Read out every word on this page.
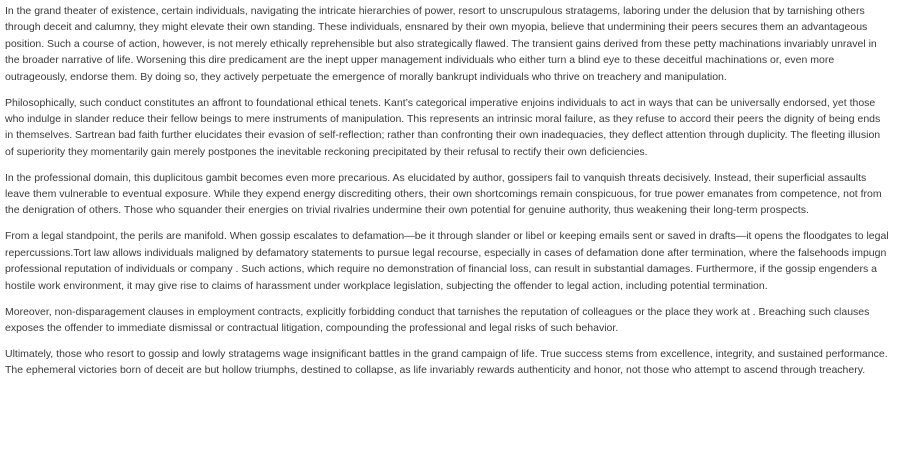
In the grand theater of existence, certain individuals, navigating the intricate hierarchies of power, resort to unscrupulous stratagems, laboring under the delusion that by tarnishing others through deceit and calumny, they might elevate their own standing. These individuals, ensnared by their own myopia, believe that undermining their peers secures them an advantageous position. Such a course of action, however, is not merely ethically reprehensible but also strategically flawed. The transient gains derived from these petty machinations invariably unravel in the broader narrative of life. Worsening this dire predicament are the inept upper management individuals who either turn a blind eye to these deceitful machinations or, even more outrageously, endorse them. By doing so, they actively perpetuate the emergence of morally bankrupt individuals who thrive on treachery and manipulation.

Philosophically, such conduct constitutes an affront to foundational ethical tenets. Kant’s categorical imperative enjoins individuals to act in ways that can be universally endorsed, yet those who indulge in slander reduce their fellow beings to mere instruments of manipulation. This represents an intrinsic moral failure, as they refuse to accord their peers the dignity of being ends in themselves. Sartrean bad faith further elucidates their evasion of self-reflection; rather than confronting their own inadequacies, they deflect attention through duplicity. The fleeting illusion of superiority they momentarily gain merely postpones the inevitable reckoning precipitated by their refusal to rectify their own deficiencies.

In the professional domain, this duplicitous gambit becomes even more precarious. As elucidated by author, gossipers fail to vanquish threats decisively. Instead, their superficial assaults leave them vulnerable to eventual exposure. While they expend energy discrediting others, their own shortcomings remain conspicuous, for true power emanates from competence, not from the denigration of others. Those who squander their energies on trivial rivalries undermine their own potential for genuine authority, thus weakening their long-term prospects.

From a legal standpoint, the perils are manifold. When gossip escalates to defamation—be it through slander or libel or keeping emails sent or saved in drafts—it opens the floodgates to legal repercussions.Tort law allows individuals maligned by defamatory statements to pursue legal recourse, especially in cases of defamation done after termination, where the falsehoods impugn professional reputation of individuals or company . Such actions, which require no demonstration of financial loss, can result in substantial damages. Furthermore, if the gossip engenders a hostile work environment, it may give rise to claims of harassment under workplace legislation, subjecting the offender to legal action, including potential termination.

Moreover, non-disparagement clauses in employment contracts, explicitly forbidding conduct that tarnishes the reputation of colleagues or the place they work at . Breaching such clauses exposes the offender to immediate dismissal or contractual litigation, compounding the professional and legal risks of such behavior.

Ultimately, those who resort to gossip and lowly stratagems wage insignificant battles in the grand campaign of life. True success stems from excellence, integrity, and sustained performance. The ephemeral victories born of deceit are but hollow triumphs, destined to collapse, as life invariably rewards authenticity and honor, not those who attempt to ascend through treachery.
